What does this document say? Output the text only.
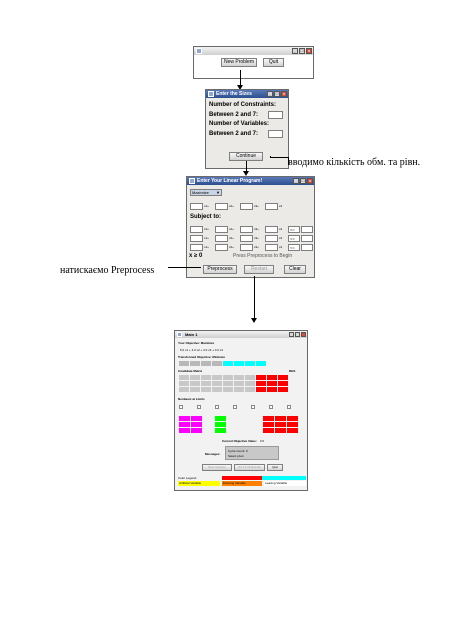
_	□	×
New Problem	Quit
Enter the Sizes	_	□	×
Number of Constraints:
Between 2 and 7:
Number of Variables:
Between 2 and 7:
Continue
вводимо кількість обм. та рівн.
Enter Your Linear Program!	_	□	×
Maximize ▼
x1+	x2+	x3+	x4
Subject to:
x1+	x2+	x3+	x4	<=
x1+	x2+	x3+	x4	<=
x1+	x2+	x3+	x4	<=
x ≥ 0	Press Preprocess to Begin
Preprocess	Restart	Clear
натискаємо Preprocess
Main 1
Your Objective: Maximize
5.0 x1 + 4.0 x2 + 3.0 x3 + 0.0 x4
Transformed Objective: Minimize
Candidate Matrix	RHS
Nonbasic at Limits
Current Objective Value: 0.0
Messages:
Cycle Count: 0
Select pivot
Next Iteration	Do 5 Full Results	Quit
Color Legend:
Artificial Variable	Entering Variable	Leaving Variable
